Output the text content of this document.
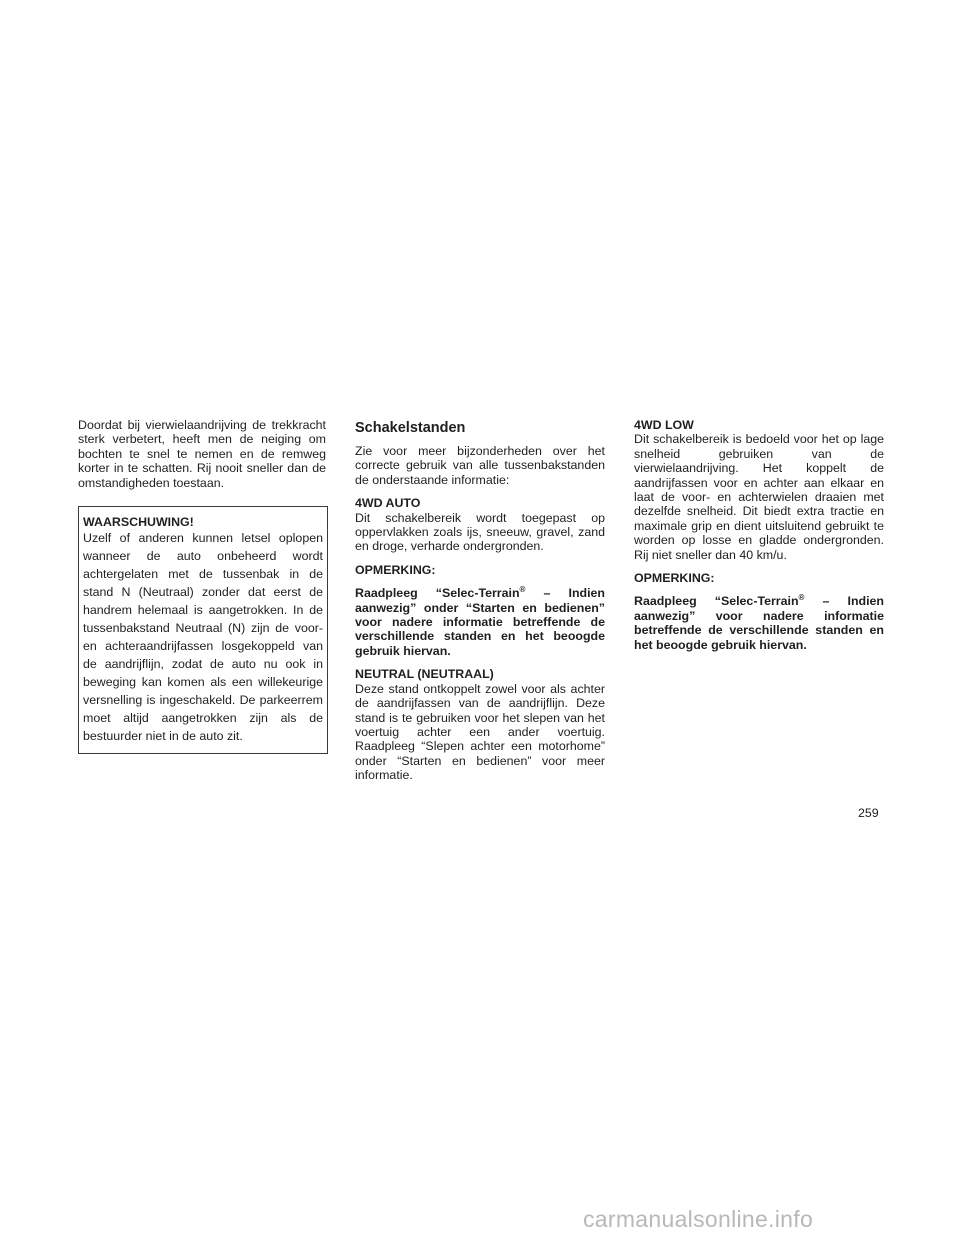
Doordat bij vierwielaandrijving de trekkracht sterk verbetert, heeft men de neiging om bochten te snel te nemen en de remweg korter in te schatten. Rij nooit sneller dan de omstandigheden toestaan.

WAARSCHUWING!

Uzelf of anderen kunnen letsel oplopen wanneer de auto onbeheerd wordt achtergelaten met de tussenbak in de stand N (Neutraal) zonder dat eerst de handrem helemaal is aangetrokken. In de tussenbakstand Neutraal (N) zijn de voor- en achteraandrijfassen losgekoppeld van de aandrijflijn, zodat de auto nu ook in beweging kan komen als een willekeurige versnelling is ingeschakeld. De parkeerrem moet altijd aangetrokken zijn als de bestuurder niet in de auto zit.

Schakelstanden

Zie voor meer bijzonderheden over het correcte gebruik van alle tussenbakstanden de onderstaande informatie:

4WD AUTO

Dit schakelbereik wordt toegepast op oppervlakken zoals ijs, sneeuw, gravel, zand en droge, verharde ondergronden.

OPMERKING:

Raadpleeg “Selec-Terrain® – Indien aanwezig” onder “Starten en bedienen” voor nadere informatie betreffende de verschillende standen en het beoogde gebruik hiervan.

NEUTRAL (NEUTRAAL)

Deze stand ontkoppelt zowel voor als achter de aandrijfassen van de aandrijflijn. Deze stand is te gebruiken voor het slepen van het voertuig achter een ander voertuig. Raadpleeg “Slepen achter een motorhome” onder “Starten en bedienen” voor meer informatie.

4WD LOW

Dit schakelbereik is bedoeld voor het op lage snelheid gebruiken van de vierwielaandrijving. Het koppelt de aandrijfassen voor en achter aan elkaar en laat de voor- en achterwielen draaien met dezelfde snelheid. Dit biedt extra tractie en maximale grip en dient uitsluitend gebruikt te worden op losse en gladde ondergronden. Rij niet sneller dan 40 km/u.

OPMERKING:

Raadpleeg “Selec-Terrain® – Indien aanwezig” voor nadere informatie betreffende de verschillende standen en het beoogde gebruik hiervan.

259
carmanualsonline.info
